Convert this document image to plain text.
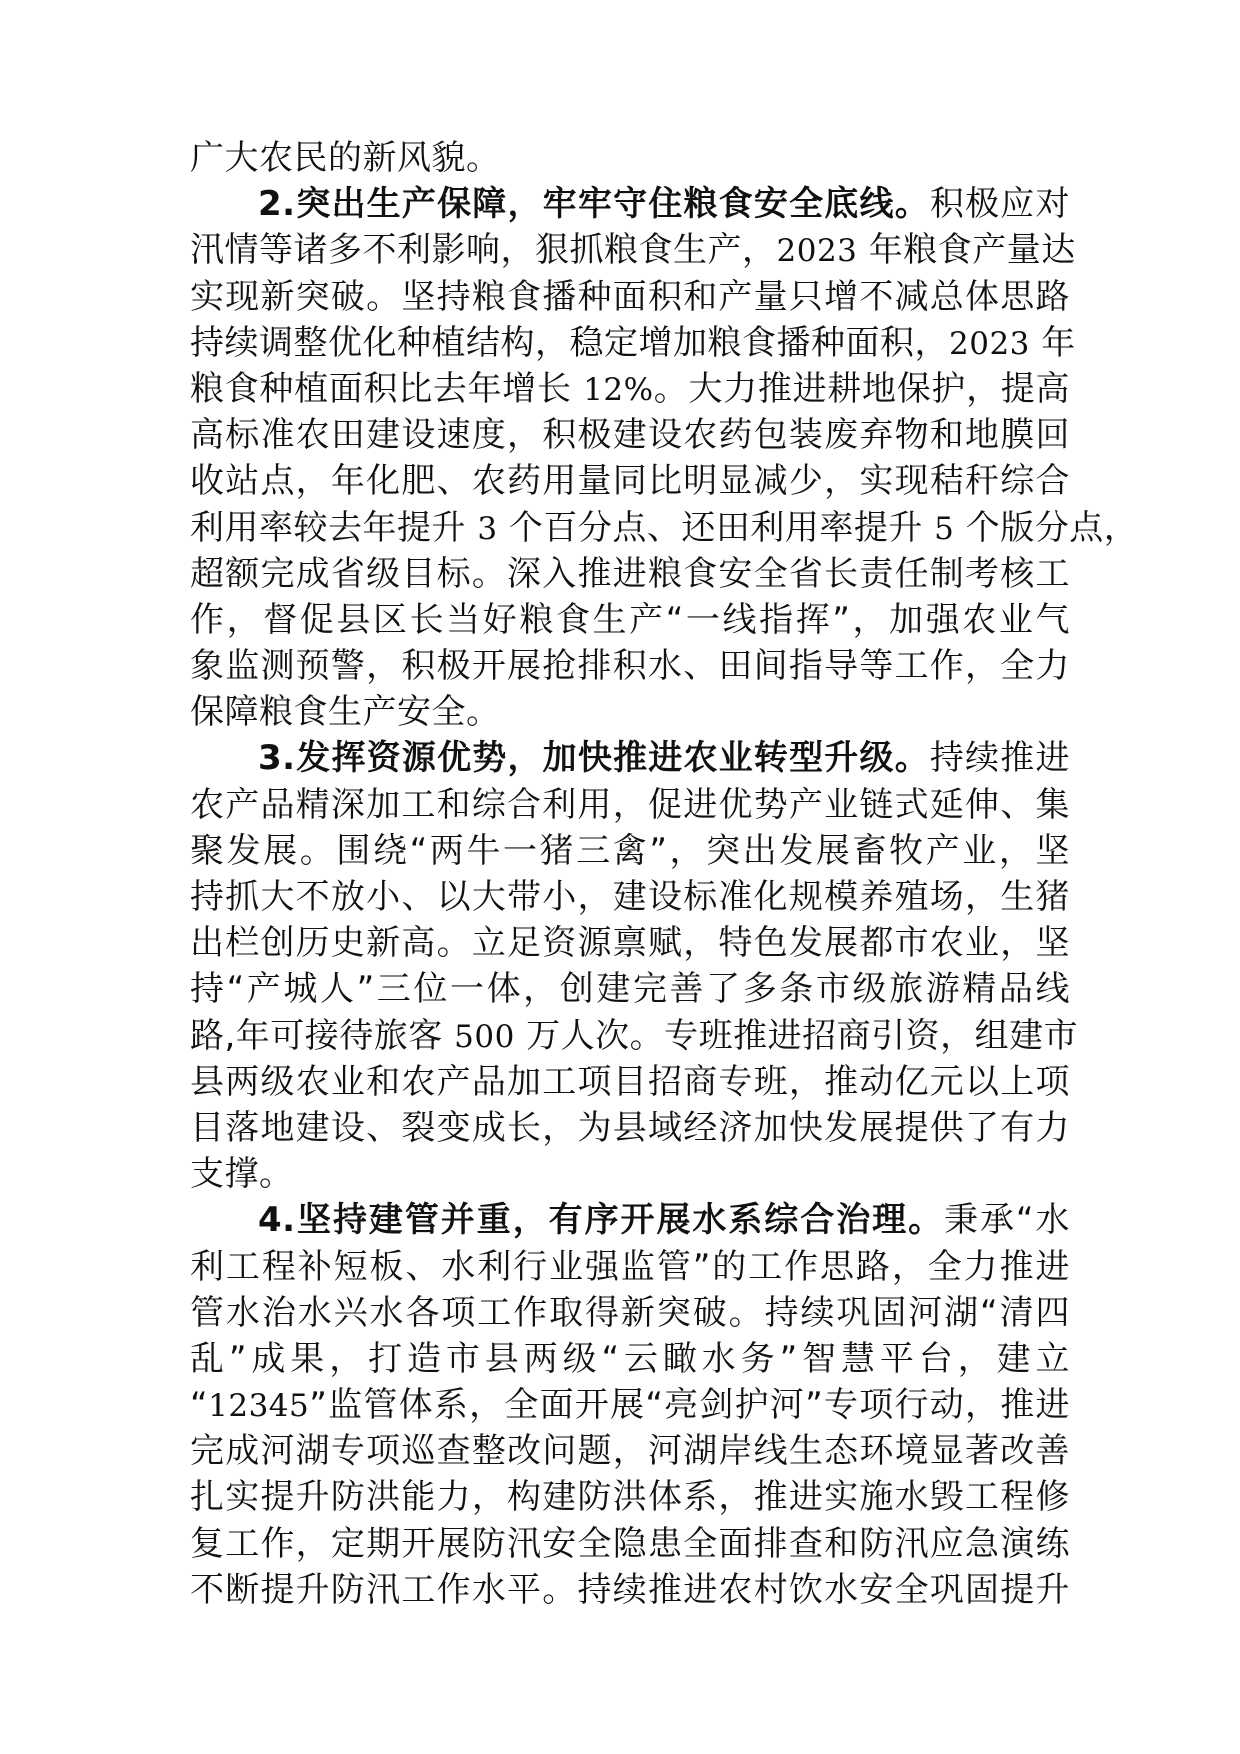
广大农民的新风貌。
2.突出生产保障，牢牢守住粮食安全底线。积极应对
汛情等诸多不利影响，狠抓粮食生产，2023 年粮食产量达
实现新突破。坚持粮食播种面积和产量只增不减总体思路
持续调整优化种植结构，稳定增加粮食播种面积，2023 年
粮食种植面积比去年增长 12%。大力推进耕地保护，提高
高标准农田建设速度，积极建设农药包装废弃物和地膜回
收站点，年化肥、农药用量同比明显减少，实现秸秆综合
利用率较去年提升 3 个百分点、还田利用率提升 5 个版分点，
超额完成省级目标。深入推进粮食安全省长责任制考核工
作，督促县区长当好粮食生产“一线指挥”，加强农业气
象监测预警，积极开展抢排积水、田间指导等工作，全力
保障粮食生产安全。
3.发挥资源优势，加快推进农业转型升级。持续推进
农产品精深加工和综合利用，促进优势产业链式延伸、集
聚发展。围绕“两牛一猪三禽”，突出发展畜牧产业，坚
持抓大不放小、以大带小，建设标准化规模养殖场，生猪
出栏创历史新高。立足资源禀赋，特色发展都市农业，坚
持“产城人”三位一体，创建完善了多条市级旅游精品线
路,年可接待旅客 500 万人次。专班推进招商引资，组建市
县两级农业和农产品加工项目招商专班，推动亿元以上项
目落地建设、裂变成长，为县域经济加快发展提供了有力
支撑。
4.坚持建管并重，有序开展水系综合治理。秉承“水
利工程补短板、水利行业强监管”的工作思路，全力推进
管水治水兴水各项工作取得新突破。持续巩固河湖“清四
乱”成果，打造市县两级“云瞰水务”智慧平台，建立
“12345”监管体系，全面开展“亮剑护河”专项行动，推进
完成河湖专项巡查整改问题，河湖岸线生态环境显著改善
扎实提升防洪能力，构建防洪体系，推进实施水毁工程修
复工作，定期开展防汛安全隐患全面排查和防汛应急演练
不断提升防汛工作水平。持续推进农村饮水安全巩固提升
